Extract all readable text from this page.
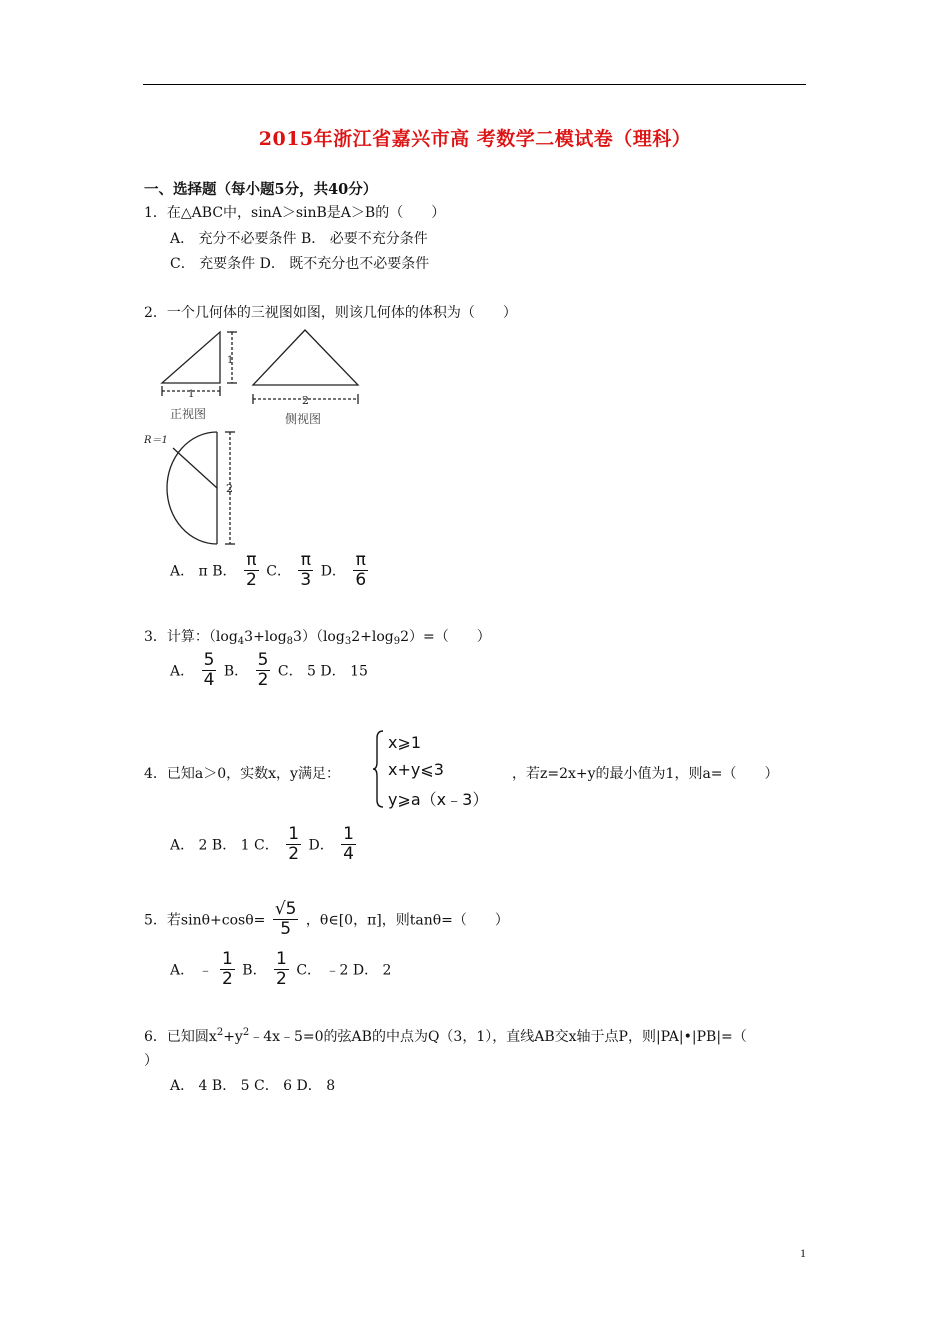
2015年浙江省嘉兴市高 考数学二模试卷（理科）
一、选择题（每小题5分，共40分）
1．在△ABC中，sinA＞sinB是A＞B的（　　）
A． 充分不必要条件 B． 必要不充分条件
C． 充要条件 D． 既不充分也不必要条件
2．一个几何体的三视图如图，则该几何体的体积为（　　）
1
1
正视图
2
侧视图
R＝1
2
A． π B． $\frac{\pi}{2}$ C． $\frac{\pi}{3}$ D． $\frac{\pi}{6}$
3．计算：$(\log_43+\log_83)(\log_32+\log_92)=$（　　）
A． $\frac{5}{4}$ B． $\frac{5}{2}$ C． 5 D． 15
4．已知a＞0，实数x，y满足：
x⩾1
x+y⩽3
y⩾a（x﹣3）
，若z=2x+y的最小值为1，则a=（　　）
A． 2 B． 1 C． $\frac{1}{2}$ D． $\frac{1}{4}$
5．若$\sin\theta+\cos\theta= \frac{√5}{5}$ ，θ∈[0，π]，则tanθ=（　　）
A． ﹣ $\frac{1}{2}$ B． $\frac{1}{2}$ C． ﹣2 D． 2
6．已知圆$x^2+y^2﹣4x﹣5=0$的弦AB的中点为Q（3，1），直线AB交x轴于点P，则|PA|•|PB|=（
）
A． 4 B． 5 C． 6 D． 8
1
